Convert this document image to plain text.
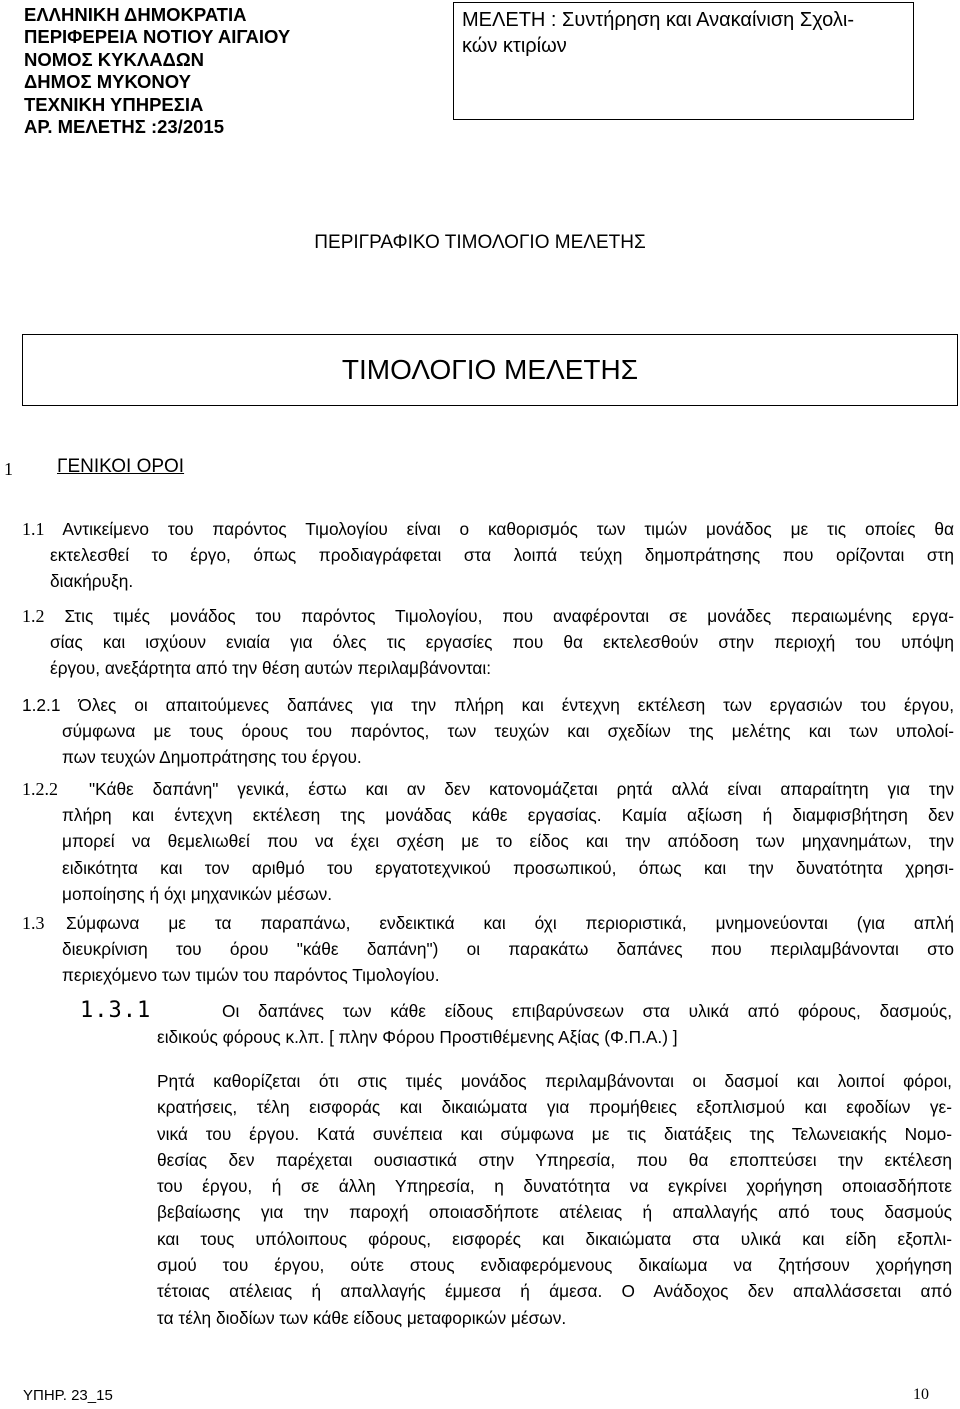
ΕΛΛΗΝΙΚΗ ΔΗΜΟΚΡΑΤΙΑ
ΠΕΡΙΦΕΡΕΙΑ ΝΟΤΙΟΥ ΑΙΓΑΙΟΥ
ΝΟΜΟΣ ΚΥΚΛΑΔΩΝ
ΔΗΜΟΣ ΜΥΚΟΝΟΥ
ΤΕΧΝΙΚΗ ΥΠΗΡΕΣΙΑ
ΑΡ. ΜΕΛΕΤΗΣ :23/2015
ΜΕΛΕΤΗ : Συντήρηση και Ανακαίνιση Σχολι-
κών κτιρίων
ΠΕΡΙΓΡΑΦΙΚΟ ΤΙΜΟΛΟΓΙΟ ΜΕΛΕΤΗΣ
ΤΙΜΟΛΟΓΙΟ ΜΕΛΕΤΗΣ
1 ΓΕΝΙΚΟΙ ΟΡΟΙ
1.1 Αντικείμενο του παρόντος Τιμολογίου είναι ο καθορισμός των τιμών μονάδος με τις οποίες θα
εκτελεσθεί το έργο, όπως προδιαγράφεται στα λοιπά τεύχη δημοπράτησης που ορίζονται στη
διακήρυξη.
1.2 Στις τιμές μονάδος του παρόντος Τιμολογίου, που αναφέρονται σε μονάδες περαιωμένης εργα-
σίας και ισχύουν ενιαία για όλες τις εργασίες που θα εκτελεσθούν στην περιοχή του υπόψη
έργου, ανεξάρτητα από την θέση αυτών περιλαμβάνονται:
1.2.1 Όλες οι απαιτούμενες δαπάνες για την πλήρη και έντεχνη εκτέλεση των εργασιών του έργου,
σύμφωνα με τους όρους του παρόντος, των τευχών και σχεδίων της μελέτης και των υπολοί-
πων τευχών Δημοπράτησης του έργου.
1.2.2 "Κάθε δαπάνη" γενικά, έστω και αν δεν κατονομάζεται ρητά αλλά είναι απαραίτητη για την
πλήρη και έντεχνη εκτέλεση της μονάδας κάθε εργασίας. Καμία αξίωση ή διαμφισβήτηση δεν
μπορεί να θεμελιωθεί που να έχει σχέση με το είδος και την απόδοση των μηχανημάτων, την
ειδικότητα και τον αριθμό του εργατοτεχνικού προσωπικού, όπως και την δυνατότητα χρησι-
μοποίησης ή όχι μηχανικών μέσων.
1.3 Σύμφωνα με τα παραπάνω, ενδεικτικά και όχι περιοριστικά, μνημονεύονται (για απλή
διευκρίνιση του όρου "κάθε δαπάνη") οι παρακάτω δαπάνες που περιλαμβάνονται στο
περιεχόμενο των τιμών του παρόντος Τιμολογίου.
1.3.1	Οι δαπάνες των κάθε είδους επιβαρύνσεων στα υλικά από φόρους, δασμούς,
ειδικούς φόρους κ.λπ. [ πλην Φόρου Προστιθέμενης Αξίας (Φ.Π.Α.) ]
Ρητά καθορίζεται ότι στις τιμές μονάδος περιλαμβάνονται οι δασμοί και λοιποί φόροι,
κρατήσεις, τέλη εισφοράς και δικαιώματα για προμήθειες εξοπλισμού και εφοδίων γε-
νικά του έργου. Κατά συνέπεια και σύμφωνα με τις διατάξεις της Τελωνειακής Νομο-
θεσίας δεν παρέχεται ουσιαστικά στην Υπηρεσία, που θα εποπτεύσει την εκτέλεση
του έργου, ή σε άλλη Υπηρεσία, η δυνατότητα να εγκρίνει χορήγηση οποιασδήποτε
βεβαίωσης για την παροχή οποιασδήποτε ατέλειας ή απαλλαγής από τους δασμούς
και τους υπόλοιπους φόρους, εισφορές και δικαιώματα στα υλικά και είδη εξοπλι-
σμού του έργου, ούτε στους ενδιαφερόμενους δικαίωμα να ζητήσουν χορήγηση
τέτοιας ατέλειας ή απαλλαγής έμμεσα ή άμεσα. Ο Ανάδοχος δεν απαλλάσσεται από
τα τέλη διοδίων των κάθε είδους μεταφορικών μέσων.
ΥΠΗΡ. 23_15	10
